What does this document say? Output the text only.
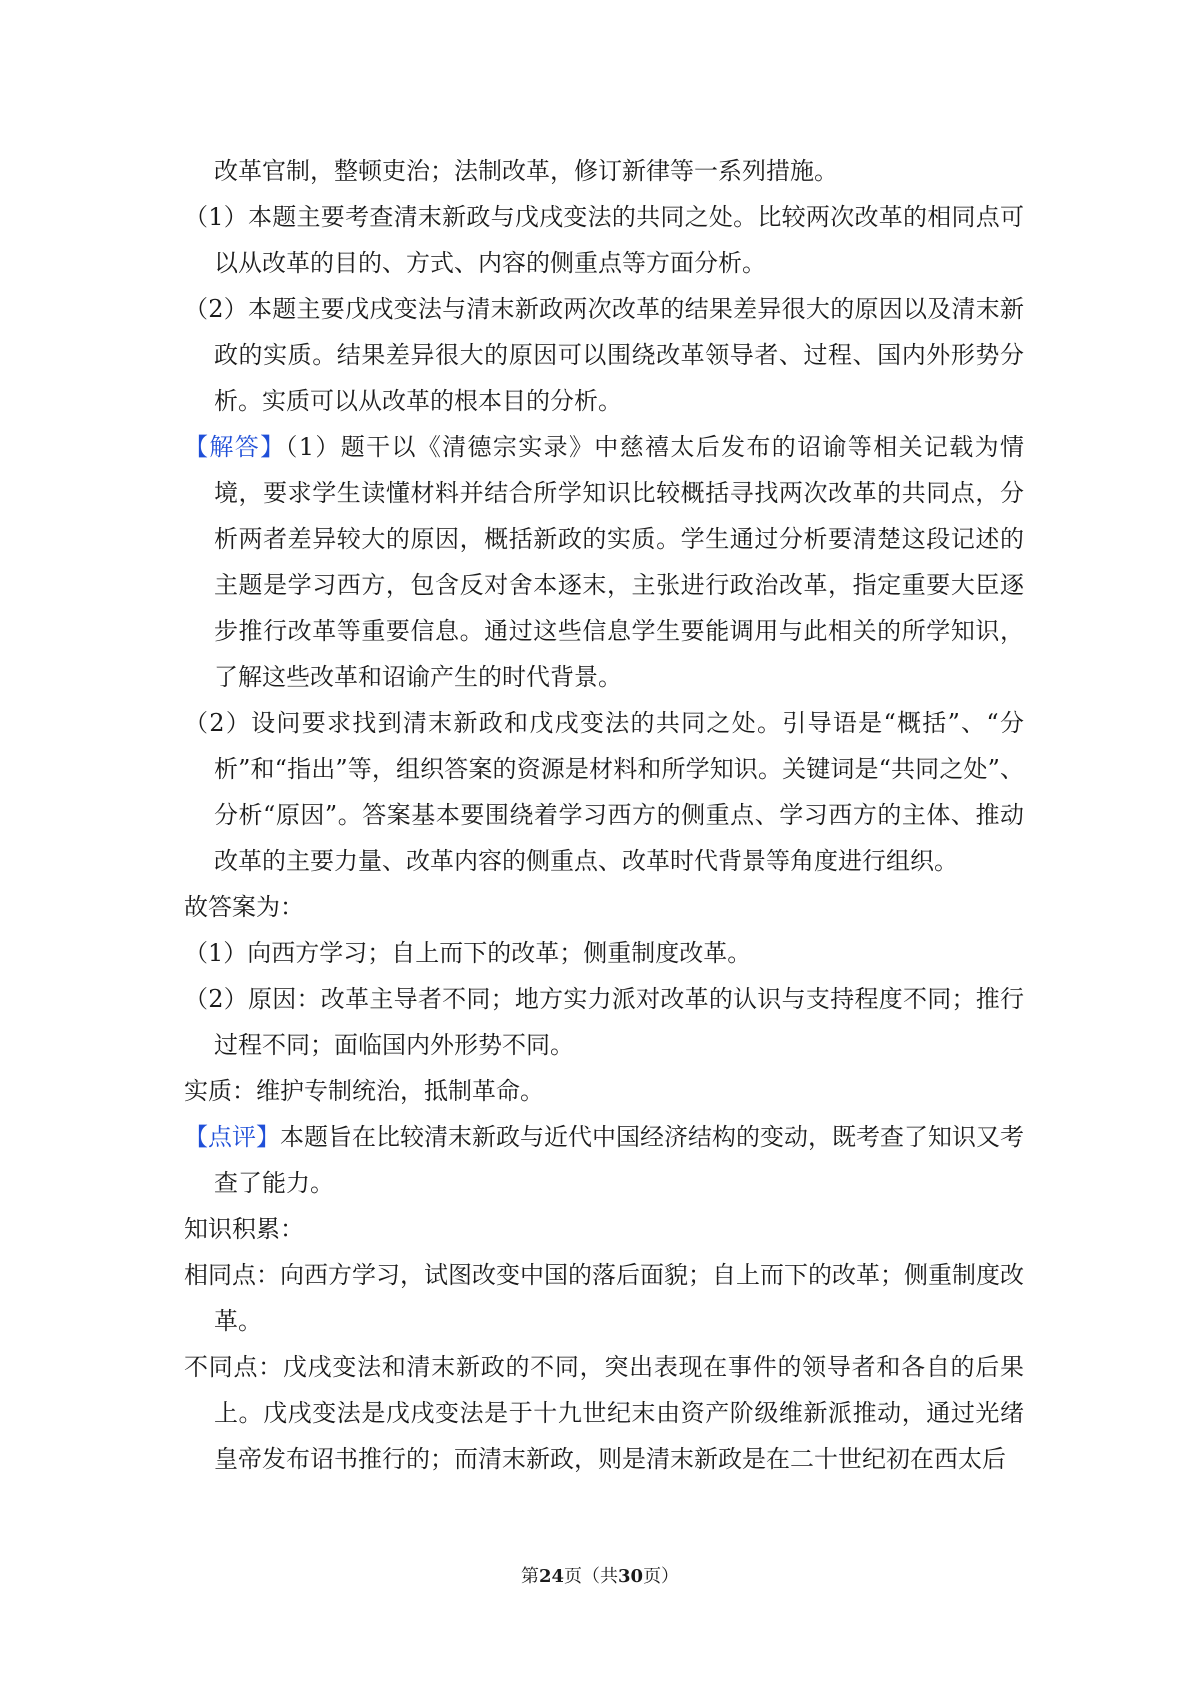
改革官制，整顿吏治；法制改革，修订新律等一系列措施。

（1）本题主要考查清末新政与戊戌变法的共同之处。比较两次改革的相同点可以从改革的目的、方式、内容的侧重点等方面分析。

（2）本题主要戊戌变法与清末新政两次改革的结果差异很大的原因以及清末新政的实质。结果差异很大的原因可以围绕改革领导者、过程、国内外形势分析。实质可以从改革的根本目的分析。

【解答】（1）题干以《清德宗实录》中慈禧太后发布的诏谕等相关记载为情境，要求学生读懂材料并结合所学知识比较概括寻找两次改革的共同点，分析两者差异较大的原因，概括新政的实质。学生通过分析要清楚这段记述的主题是学习西方，包含反对舍本逐末，主张进行政治改革，指定重要大臣逐步推行改革等重要信息。通过这些信息学生要能调用与此相关的所学知识，了解这些改革和诏谕产生的时代背景。

（2）设问要求找到清末新政和戊戌变法的共同之处。引导语是“概括”、“分析”和“指出”等，组织答案的资源是材料和所学知识。关键词是“共同之处”、分析“原因”。答案基本要围绕着学习西方的侧重点、学习西方的主体、推动改革的主要力量、改革内容的侧重点、改革时代背景等角度进行组织。

故答案为：

（1）向西方学习；自上而下的改革；侧重制度改革。

（2）原因：改革主导者不同；地方实力派对改革的认识与支持程度不同；推行过程不同；面临国内外形势不同。

实质：维护专制统治，抵制革命。

【点评】本题旨在比较清末新政与近代中国经济结构的变动，既考查了知识又考查了能力。

知识积累：

相同点：向西方学习，试图改变中国的落后面貌；自上而下的改革；侧重制度改革。

不同点：戊戌变法和清末新政的不同，突出表现在事件的领导者和各自的后果上。戊戌变法是戊戌变法是于十九世纪末由资产阶级维新派推动，通过光绪皇帝发布诏书推行的；而清末新政，则是清末新政是在二十世纪初在西太后

第24页（共30页）
